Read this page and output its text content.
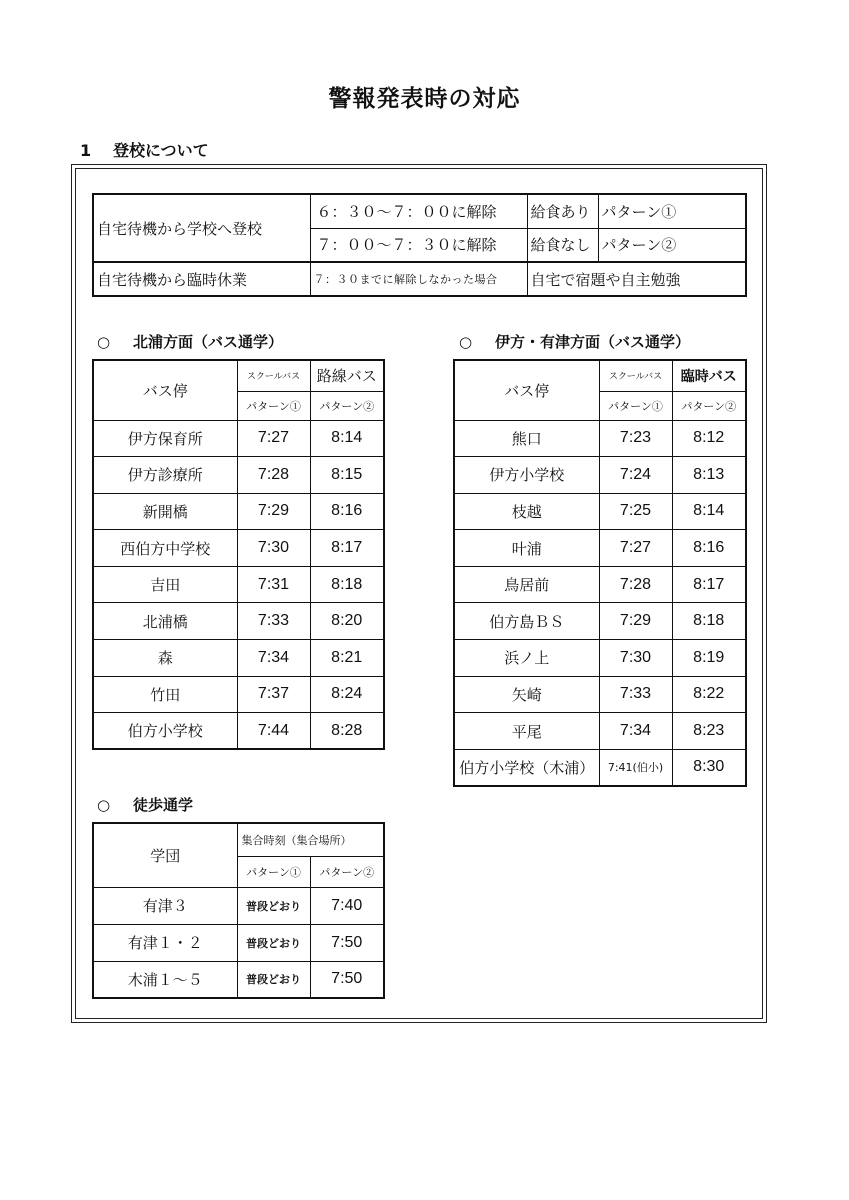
警報発表時の対応
1 登校について
自宅待機から学校へ登校	６：３０～７：００に解除	給食あり	パターン①
	７：００～７：３０に解除	給食なし	パターン②
自宅待機から臨時休業	７：３０までに解除しなかった場合	自宅で宿題や自主勉強	
○ 北浦方面（バス通学）
バス停	スクールバス	路線バス
	パターン①	パターン②
伊方保育所	7:27	8:14
伊方診療所	7:28	8:15
新開橋	7:29	8:16
西伯方中学校	7:30	8:17
吉田	7:31	8:18
北浦橋	7:33	8:20
森	7:34	8:21
竹田	7:37	8:24
伯方小学校	7:44	8:28
○ 伊方・有津方面（バス通学）
バス停	スクールバス	臨時バス
	パターン①	パターン②
熊口	7:23	8:12
伊方小学校	7:24	8:13
枝越	7:25	8:14
叶浦	7:27	8:16
鳥居前	7:28	8:17
伯方島ＢＳ	7:29	8:18
浜ノ上	7:30	8:19
矢崎	7:33	8:22
平尾	7:34	8:23
伯方小学校（木浦）	7:41(伯小)	8:30
○ 徒歩通学
学団	集合時刻（集合場所）	
	パターン①	パターン②
有津３	普段どおり	7:40
有津１・２	普段どおり	7:50
木浦１～５	普段どおり	7:50
